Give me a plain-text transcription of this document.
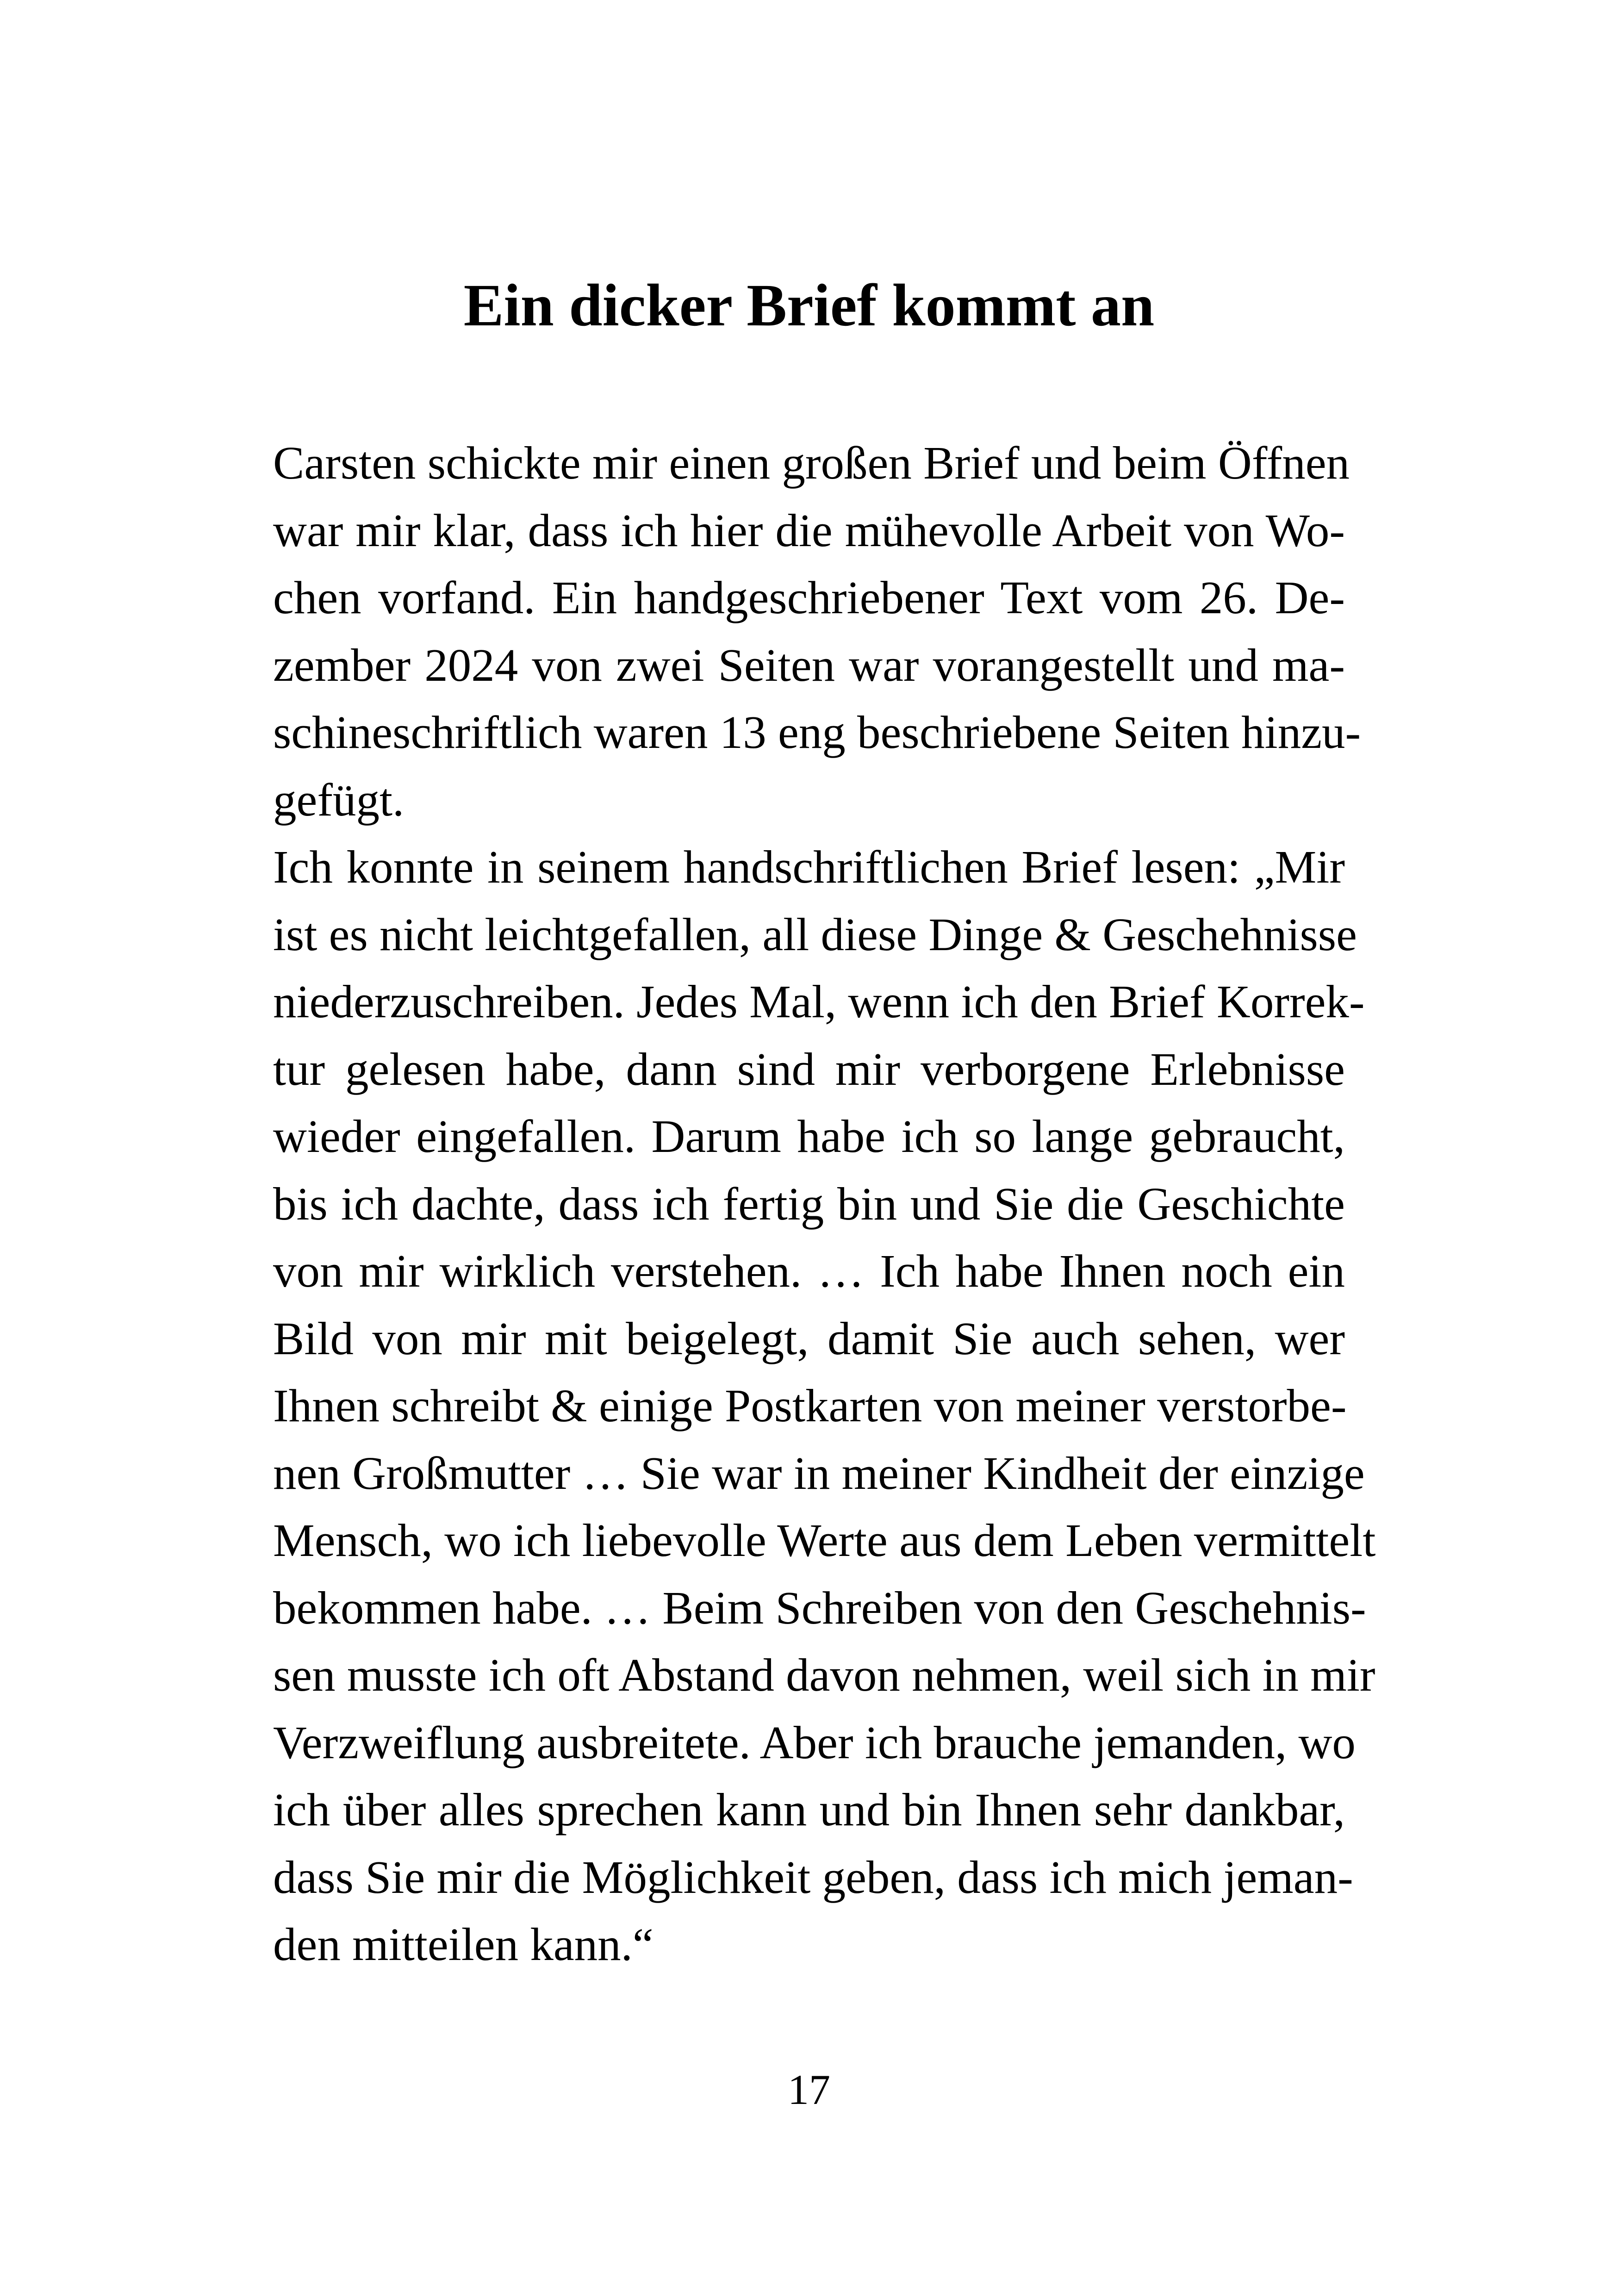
Ein dicker Brief kommt an
Carsten schickte mir einen großen Brief und beim Öffnen
war mir klar, dass ich hier die mühevolle Arbeit von Wo-
chen vorfand. Ein handgeschriebener Text vom 26. De-
zember 2024 von zwei Seiten war vorangestellt und ma-
schineschriftlich waren 13 eng beschriebene Seiten hinzu-
gefügt.
Ich konnte in seinem handschriftlichen Brief lesen: „Mir
ist es nicht leichtgefallen, all diese Dinge & Geschehnisse
niederzuschreiben. Jedes Mal, wenn ich den Brief Korrek-
tur gelesen habe, dann sind mir verborgene Erlebnisse
wieder eingefallen. Darum habe ich so lange gebraucht,
bis ich dachte, dass ich fertig bin und Sie die Geschichte
von mir wirklich verstehen. … Ich habe Ihnen noch ein
Bild von mir mit beigelegt, damit Sie auch sehen, wer
Ihnen schreibt & einige Postkarten von meiner verstorbe-
nen Großmutter … Sie war in meiner Kindheit der einzige
Mensch, wo ich liebevolle Werte aus dem Leben vermittelt
bekommen habe. … Beim Schreiben von den Geschehnis-
sen musste ich oft Abstand davon nehmen, weil sich in mir
Verzweiflung ausbreitete. Aber ich brauche jemanden, wo
ich über alles sprechen kann und bin Ihnen sehr dankbar,
dass Sie mir die Möglichkeit geben, dass ich mich jeman-
den mitteilen kann.“
17
